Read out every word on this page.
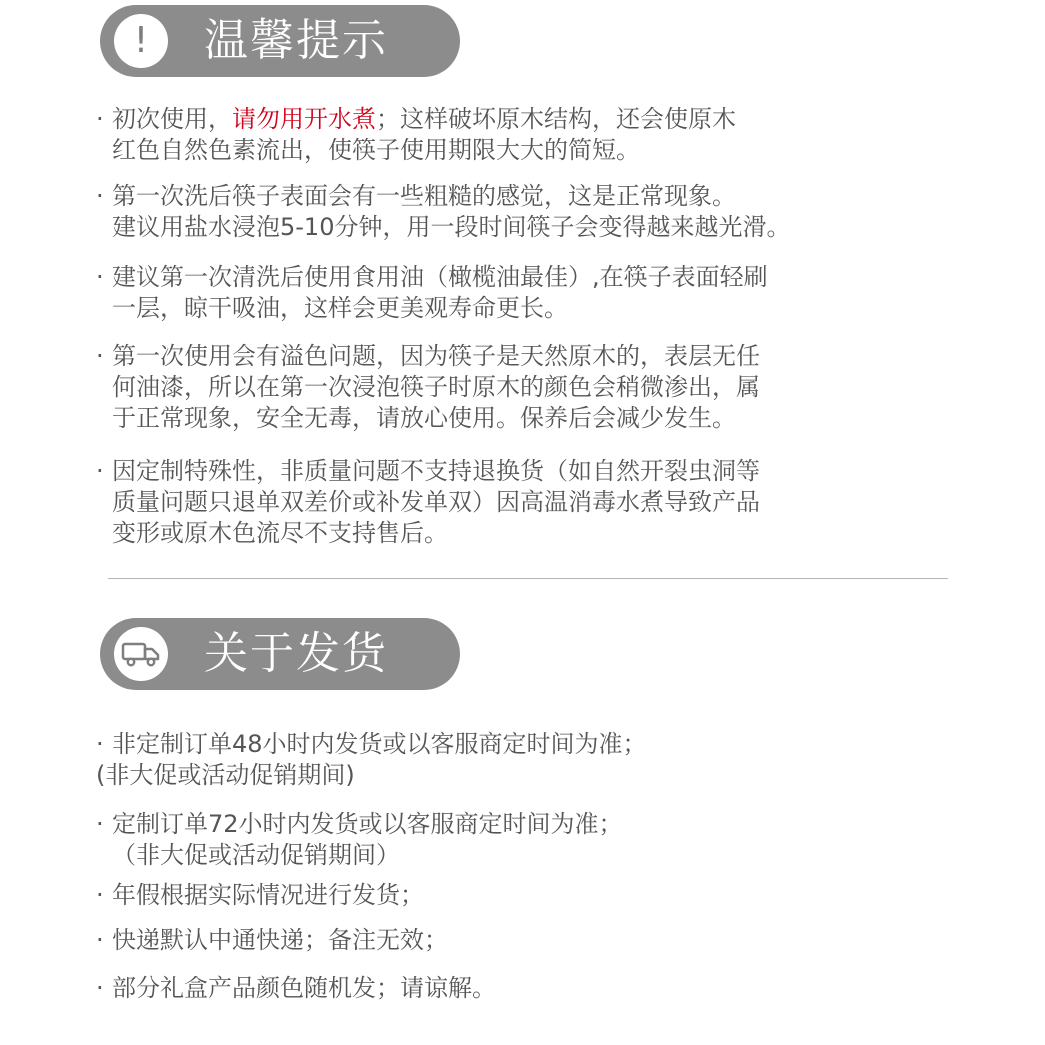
! 温馨提示
· 初次使用，请勿用开水煮；这样破坏原木结构，还会使原木
红色自然色素流出，使筷子使用期限大大的简短。
· 第一次洗后筷子表面会有一些粗糙的感觉，这是正常现象。
建议用盐水浸泡5-10分钟，用一段时间筷子会变得越来越光滑。
· 建议第一次清洗后使用食用油（橄榄油最佳）,在筷子表面轻刷
一层，晾干吸油，这样会更美观寿命更长。
· 第一次使用会有溢色问题，因为筷子是天然原木的，表层无任
何油漆，所以在第一次浸泡筷子时原木的颜色会稍微渗出，属
于正常现象，安全无毒，请放心使用。保养后会减少发生。
· 因定制特殊性，非质量问题不支持退换货（如自然开裂虫洞等
质量问题只退单双差价或补发单双）因高温消毒水煮导致产品
变形或原木色流尽不支持售后。
关于发货
· 非定制订单48小时内发货或以客服商定时间为准；
(非大促或活动促销期间)
· 定制订单72小时内发货或以客服商定时间为准；
（非大促或活动促销期间）
· 年假根据实际情况进行发货；
· 快递默认中通快递；备注无效；
· 部分礼盒产品颜色随机发；请谅解。
